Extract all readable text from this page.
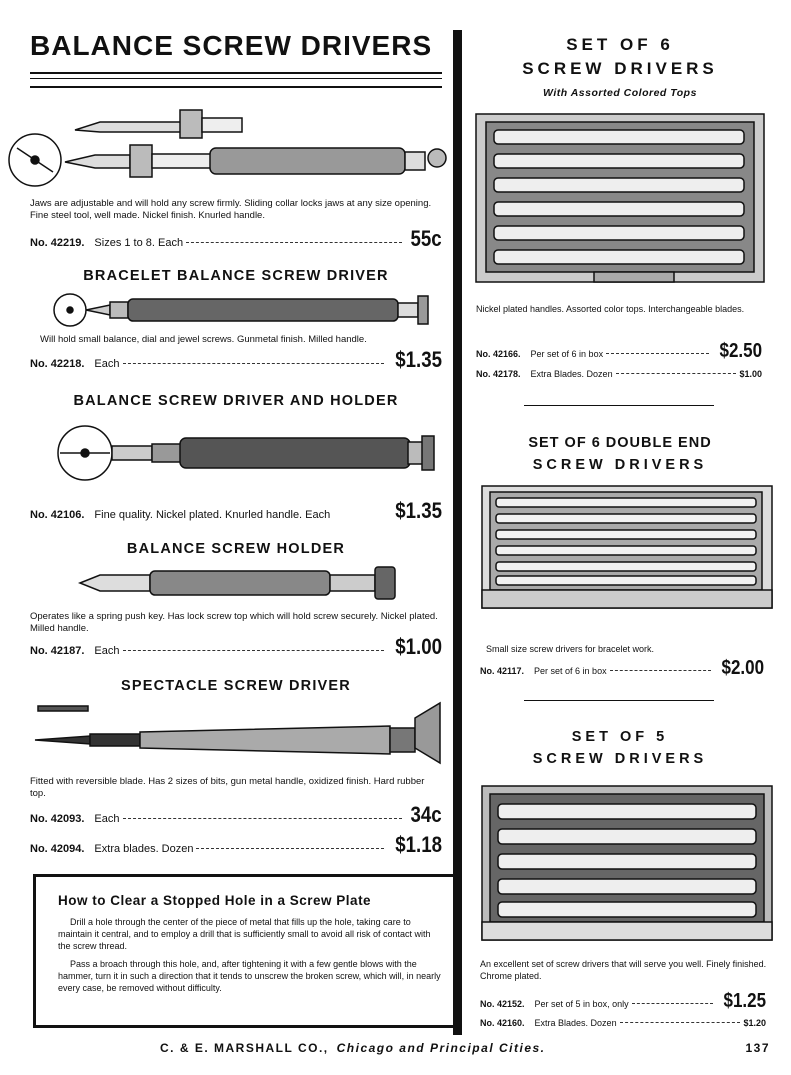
BALANCE SCREW DRIVERS
Jaws are adjustable and will hold any screw firmly. Sliding collar locks jaws at any size opening. Fine steel tool, well made. Nickel finish. Knurled handle.
No. 42219. Sizes 1 to 8. Each	55c
BRACELET BALANCE SCREW DRIVER
Will hold small balance, dial and jewel screws. Gunmetal finish. Milled handle.
No. 42218. Each	$1.35
BALANCE SCREW DRIVER AND HOLDER
No. 42106. Fine quality. Nickel plated. Knurled handle. Each	$1.35
BALANCE SCREW HOLDER
Operates like a spring push key. Has lock screw top which will hold screw securely. Nickel plated. Milled handle.
No. 42187. Each	$1.00
SPECTACLE SCREW DRIVER
Fitted with reversible blade. Has 2 sizes of bits, gun metal handle, oxidized finish. Hard rubber top.
No. 42093. Each	34c
No. 42094. Extra blades. Dozen	$1.18
How to Clear a Stopped Hole in a Screw Plate
Drill a hole through the center of the piece of metal that fills up the hole, taking care to maintain it central, and to employ a drill that is sufficiently small to avoid all risk of contact with the screw thread.
Pass a broach through this hole, and, after tightening it with a few gentle blows with the hammer, turn it in such a direction that it tends to unscrew the broken screw, which will, in nearly every case, be removed without difficulty.
SET OF 6
SCREW DRIVERS
With Assorted Colored Tops
Nickel plated handles. Assorted color tops. Interchangeable blades.
No. 42166. Per set of 6 in box	$2.50
No. 42178. Extra Blades. Dozen	$1.00
SET OF 6 DOUBLE END
SCREW DRIVERS
Small size screw drivers for bracelet work.
No. 42117. Per set of 6 in box	$2.00
SET OF 5
SCREW DRIVERS
An excellent set of screw drivers that will serve you well. Finely finished. Chrome plated.
No. 42152. Per set of 5 in box, only	$1.25
No. 42160. Extra Blades. Dozen	$1.20
C. & E. MARSHALL CO., Chicago and Principal Cities.	137
